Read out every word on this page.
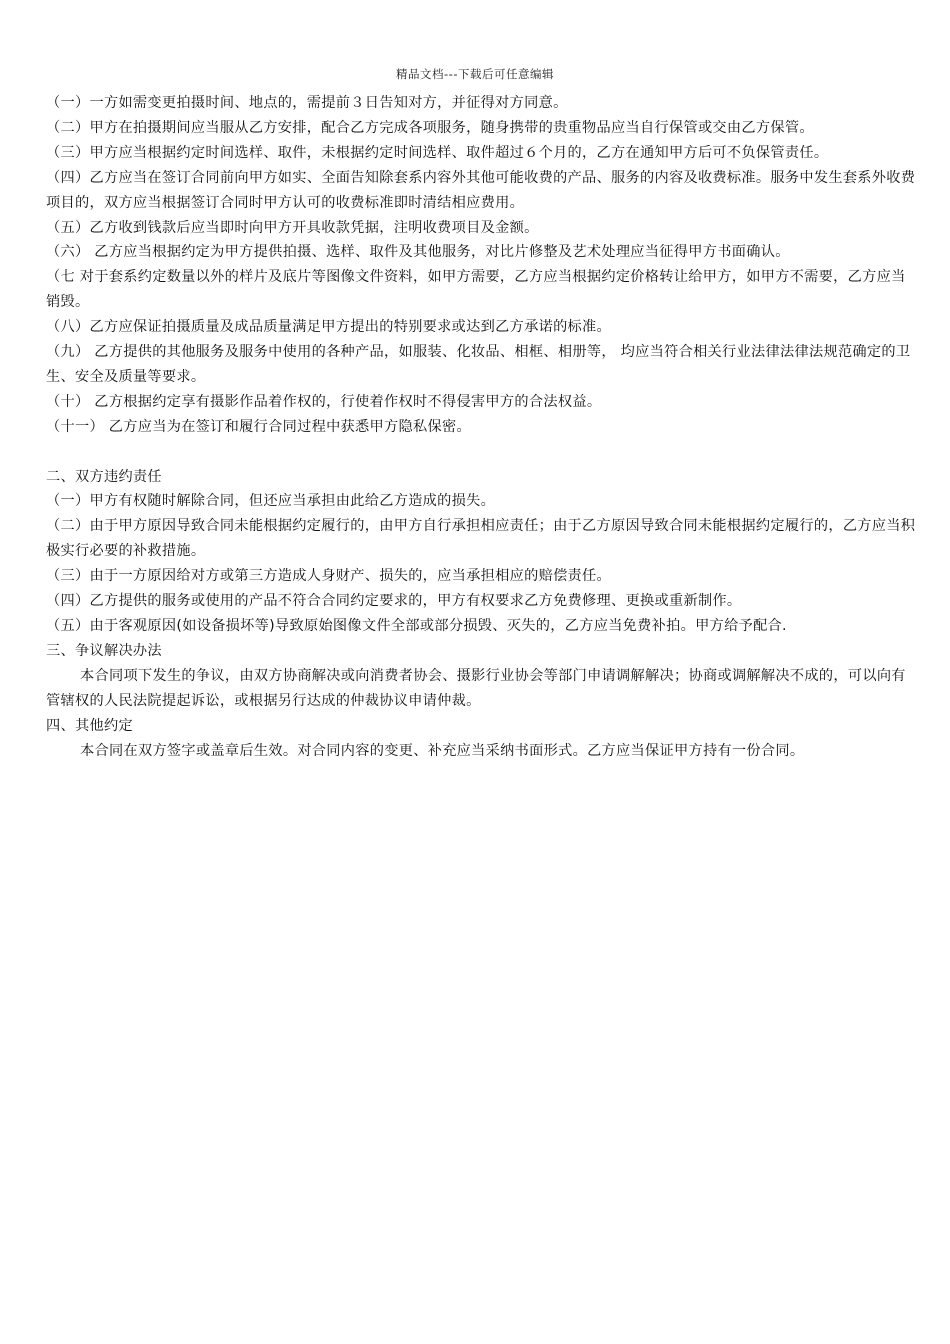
精品文档---下载后可任意编辑

（一）一方如需变更拍摄时间、地点的，需提前３日告知对方，并征得对方同意。

（二）甲方在拍摄期间应当服从乙方安排，配合乙方完成各项服务，随身携带的贵重物品应当自行保管或交由乙方保管。

（三）甲方应当根据约定时间选样、取件，未根据约定时间选样、取件超过６个月的，乙方在通知甲方后可不负保管责任。

（四）乙方应当在签订合同前向甲方如实、全面告知除套系内容外其他可能收费的产品、服务的内容及收费标准。服务中发生套系外收费项目的，双方应当根据签订合同时甲方认可的收费标准即时清结相应费用。

（五）乙方收到钱款后应当即时向甲方开具收款凭据，注明收费项目及金额。

（六） 乙方应当根据约定为甲方提供拍摄、选样、取件及其他服务，对比片修整及艺术处理应当征得甲方书面确认。

（七 对于套系约定数量以外的样片及底片等图像文件资料，如甲方需要，乙方应当根据约定价格转让给甲方，如甲方不需要，乙方应当销毁。

（八）乙方应保证拍摄质量及成品质量满足甲方提出的特别要求或达到乙方承诺的标准。

（九） 乙方提供的其他服务及服务中使用的各种产品，如服装、化妆品、相框、相册等， 均应当符合相关行业法律法律法规范确定的卫生、安全及质量等要求。

（十） 乙方根据约定享有摄影作品着作权的，行使着作权时不得侵害甲方的合法权益。

（十一） 乙方应当为在签订和履行合同过程中获悉甲方隐私保密。

二、双方违约责任

（一）甲方有权随时解除合同，但还应当承担由此给乙方造成的损失。

（二）由于甲方原因导致合同未能根据约定履行的，由甲方自行承担相应责任；由于乙方原因导致合同未能根据约定履行的，乙方应当积极实行必要的补救措施。

（三）由于一方原因给对方或第三方造成人身财产、损失的，应当承担相应的赔偿责任。

（四）乙方提供的服务或使用的产品不符合合同约定要求的，甲方有权要求乙方免费修理、更换或重新制作。

（五）由于客观原因(如设备损坏等)导致原始图像文件全部或部分损毁、灭失的，乙方应当免费补拍。甲方给予配合.

三、争议解决办法

本合同项下发生的争议，由双方协商解决或向消费者协会、摄影行业协会等部门申请调解解决；协商或调解解决不成的，可以向有管辖权的人民法院提起诉讼，或根据另行达成的仲裁协议申请仲裁。

四、其他约定

本合同在双方签字或盖章后生效。对合同内容的变更、补充应当采纳书面形式。乙方应当保证甲方持有一份合同。
